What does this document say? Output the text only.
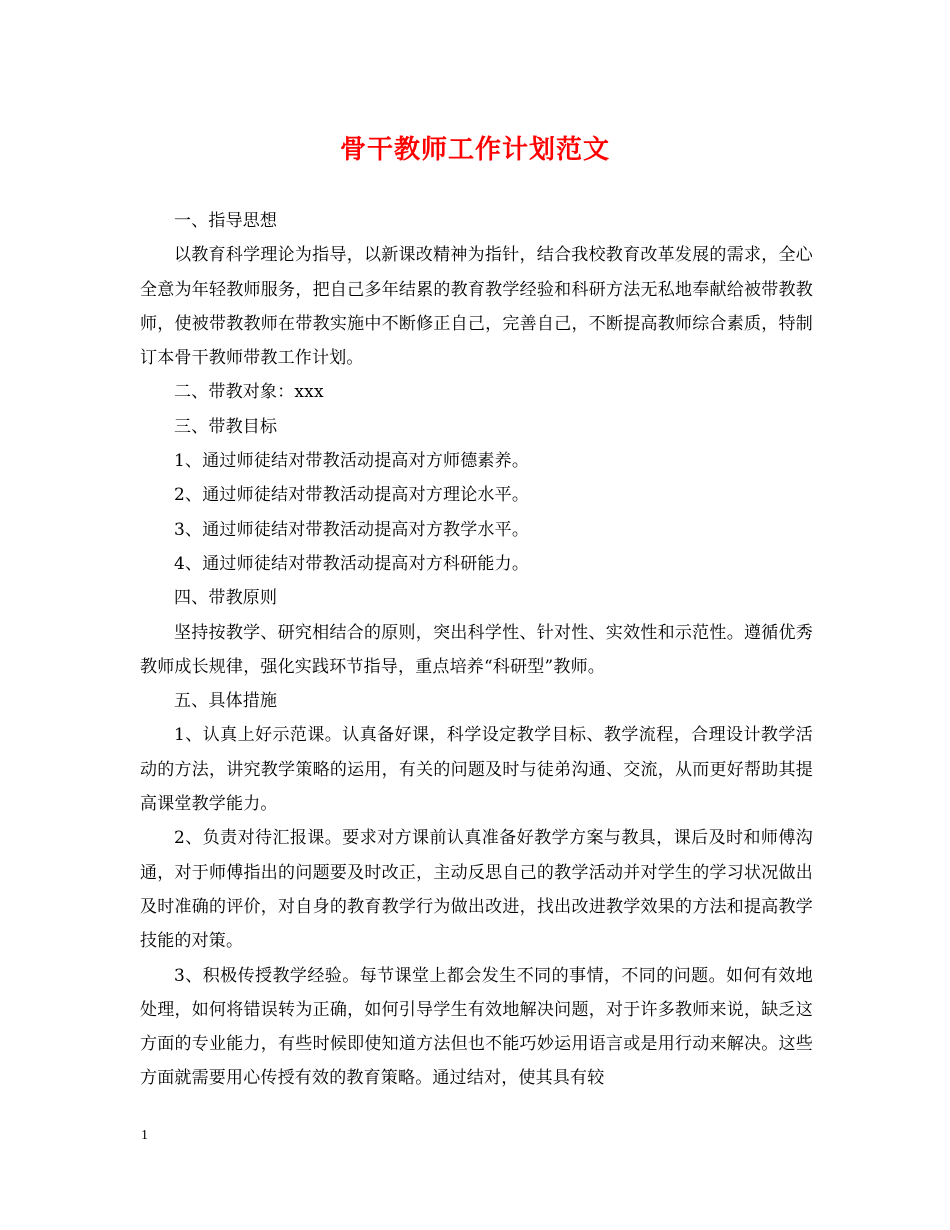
骨干教师工作计划范文

一、指导思想

以教育科学理论为指导，以新课改精神为指针，结合我校教育改革发展的需求，全心全意为年轻教师服务，把自己多年结累的教育教学经验和科研方法无私地奉献给被带教教师，使被带教教师在带教实施中不断修正自己，完善自己，不断提高教师综合素质，特制订本骨干教师带教工作计划。

二、带教对象：xxx

三、带教目标

1、通过师徒结对带教活动提高对方师德素养。

2、通过师徒结对带教活动提高对方理论水平。

3、通过师徒结对带教活动提高对方教学水平。

4、通过师徒结对带教活动提高对方科研能力。

四、带教原则

坚持按教学、研究相结合的原则，突出科学性、针对性、实效性和示范性。遵循优秀教师成长规律，强化实践环节指导，重点培养“科研型”教师。

五、具体措施

1、认真上好示范课。认真备好课，科学设定教学目标、教学流程，合理设计教学活动的方法，讲究教学策略的运用，有关的问题及时与徒弟沟通、交流，从而更好帮助其提高课堂教学能力。

2、负责对待汇报课。要求对方课前认真准备好教学方案与教具，课后及时和师傅沟通，对于师傅指出的问题要及时改正，主动反思自己的教学活动并对学生的学习状况做出及时准确的评价，对自身的教育教学行为做出改进，找出改进教学效果的方法和提高教学技能的对策。

3、积极传授教学经验。每节课堂上都会发生不同的事情，不同的问题。如何有效地处理，如何将错误转为正确，如何引导学生有效地解决问题，对于许多教师来说，缺乏这方面的专业能力，有些时候即使知道方法但也不能巧妙运用语言或是用行动来解决。这些方面就需要用心传授有效的教育策略。通过结对，使其具有较

1
